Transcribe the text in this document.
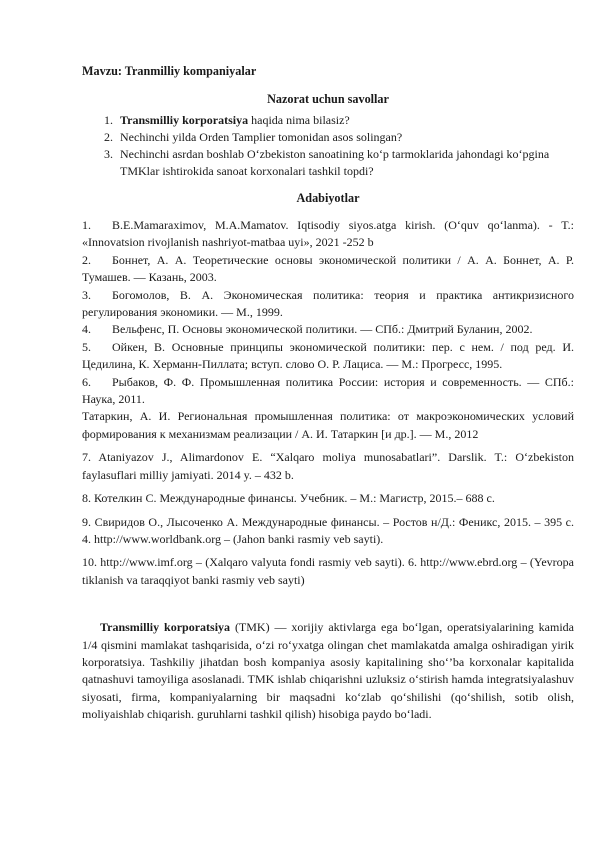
Mavzu: Tranmilliy kompaniyalar

Nazorat uchun savollar

1. Transmilliy korporatsiya haqida nima bilasiz?
2. Nechinchi yilda Orden Tamplier tomonidan asos solingan?
3. Nechinchi asrdan boshlab O‘zbekiston sanoatining ko‘p tarmoklarida jahondagi ko‘pgina TMKlar ishtirokida sanoat korxonalari tashkil topdi?

Adabiyotlar

1. B.E.Mamaraximov, M.A.Mamatov. Iqtisodiy siyos.atga kirish. (O‘quv qo‘lanma). - T.: «Innovatsion rivojlanish nashriyot-matbaa uyi», 2021 -252 b

2. Боннет, А. А. Теоретические основы экономической политики / А. А. Боннет, А. Р. Тумашев. — Казань, 2003.

3. Богомолов, В. А. Экономическая политика: теория и практика антикризисного регулирования экономики. — М., 1999.

4. Вельфенс, П. Основы экономической политики. — СПб.: Дмитрий Буланин, 2002.

5. Ойкен, В. Основные принципы экономической политики: пер. с нем. / под ред. И. Цедилина, К. Херманн-Пиллата; вступ. слово О. Р. Лациса. — М.: Прогресс, 1995.

6. Рыбаков, Ф. Ф. Промышленная политика России: история и современность. — СПб.: Наука, 2011.

Татаркин, А. И. Региональная промышленная политика: от макроэкономических условий формирования к механизмам реализации / А. И. Татаркин [и др.]. — М., 2012

7. Ataniyazov J., Alimardonov E. “Xalqaro moliya munosabatlari”. Darslik. T.: O‘zbekiston faylasuflari milliy jamiyati. 2014 y. – 432 b.

8. Котелкин С. Международные финансы. Учебник. – М.: Магистр, 2015.– 688 с.

9. Свиридов О., Лысоченко А. Международные финансы. – Ростов н/Д.: Феникс, 2015. – 395 с. 4. http://www.worldbank.org – (Jahon banki rasmiy veb sayti).

10. http://www.imf.org – (Xalqaro valyuta fondi rasmiy veb sayti). 6. http://www.ebrd.org – (Yevropa tiklanish va taraqqiyot banki rasmiy veb sayti)

Transmilliy korporatsiya (TMK) — xorijiy aktivlarga ega bo‘lgan, operatsiyalarining kamida 1/4 qismini mamlakat tashqarisida, o‘zi ro‘yxatga olingan chet mamlakatda amalga oshiradigan yirik korporatsiya. Tashkiliy jihatdan bosh kompaniya asosiy kapitalining sho‘’ba korxonalar kapitalida qatnashuvi tamoyiliga asoslanadi. TMK ishlab chiqarishni uzluksiz o‘stirish hamda integratsiyalashuv siyosati, firma, kompaniyalarning bir maqsadni ko‘zlab qo‘shilishi (qo‘shilish, sotib olish, moliyaishlab chiqarish. guruhlarni tashkil qilish) hisobiga paydo bo‘ladi.
